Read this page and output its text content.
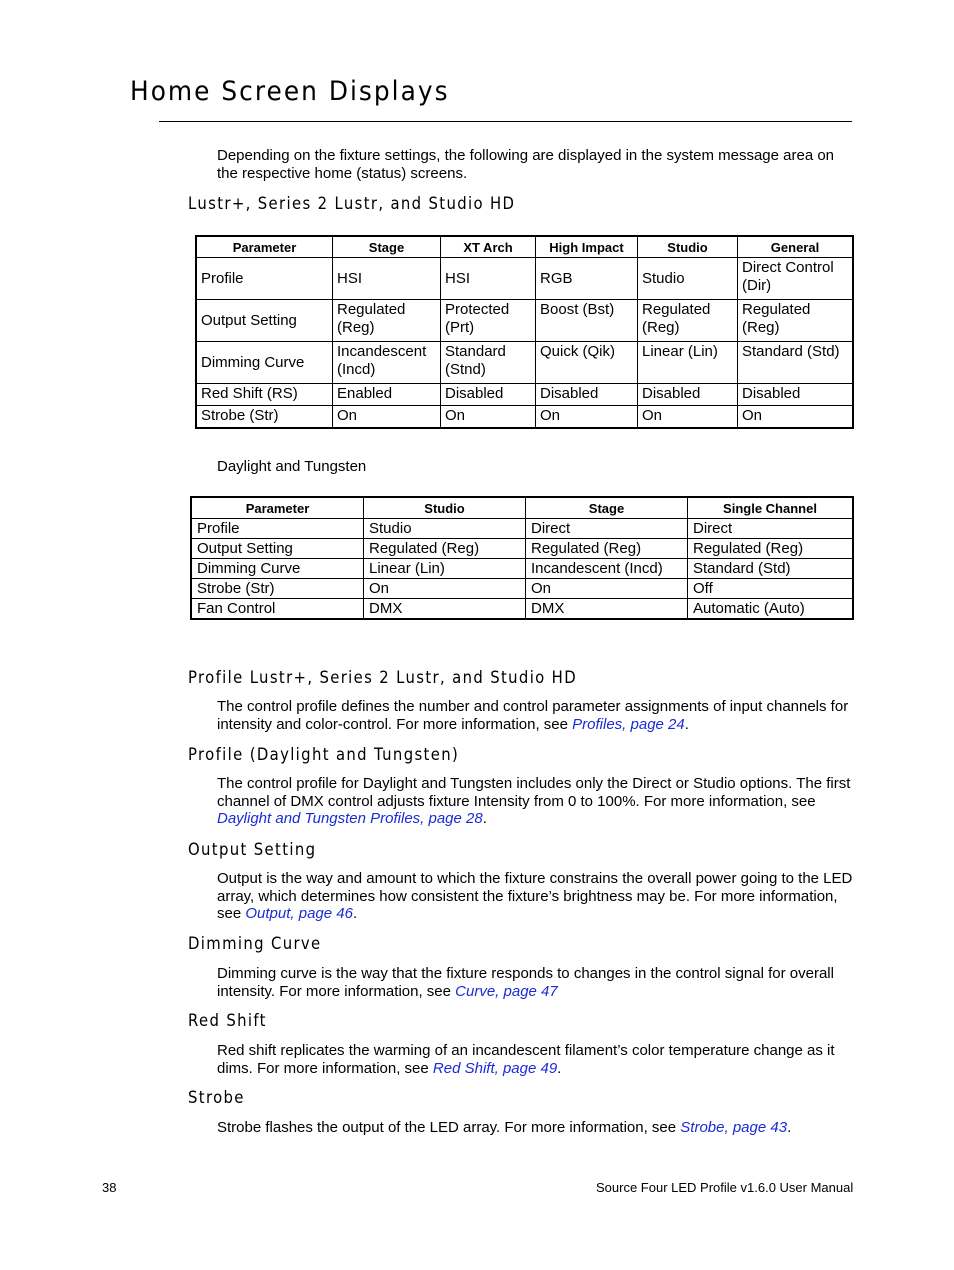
Home Screen Displays

Depending on the fixture settings, the following are displayed in the system message area on the respective home (status) screens.

Lustr+, Series 2 Lustr, and Studio HD
Parameter	Stage	XT Arch	High Impact	Studio	General
Profile	HSI	HSI	RGB	Studio	Direct Control (Dir)
Output Setting	Regulated (Reg)	Protected (Prt)	Boost (Bst)	Regulated (Reg)	Regulated (Reg)
Dimming Curve	Incandescent (Incd)	Standard (Stnd)	Quick (Qik)	Linear (Lin)	Standard (Std)
Red Shift (RS)	Enabled	Disabled	Disabled	Disabled	Disabled
Strobe (Str)	On	On	On	On	On

Daylight and Tungsten

Parameter	Studio	Stage	Single Channel
Profile	Studio	Direct	Direct
Output Setting	Regulated (Reg)	Regulated (Reg)	Regulated (Reg)
Dimming Curve	Linear (Lin)	Incandescent (Incd)	Standard (Std)
Strobe (Str)	On	On	Off
Fan Control	DMX	DMX	Automatic (Auto)
Profile Lustr+, Series 2 Lustr, and Studio HD

The control profile defines the number and control parameter assignments of input channels for intensity and color-control. For more information, see Profiles, page 24.

Profile (Daylight and Tungsten)

The control profile for Daylight and Tungsten includes only the Direct or Studio options. The first channel of DMX control adjusts fixture Intensity from 0 to 100%. For more information, see Daylight and Tungsten Profiles, page 28.

Output Setting

Output is the way and amount to which the fixture constrains the overall power going to the LED array, which determines how consistent the fixture’s brightness may be. For more information, see Output, page 46.

Dimming Curve

Dimming curve is the way that the fixture responds to changes in the control signal for overall intensity. For more information, see Curve, page 47

Red Shift

Red shift replicates the warming of an incandescent filament’s color temperature change as it dims. For more information, see Red Shift, page 49.

Strobe

Strobe flashes the output of the LED array. For more information, see Strobe, page 43.

38	Source Four LED Profile v1.6.0 User Manual
